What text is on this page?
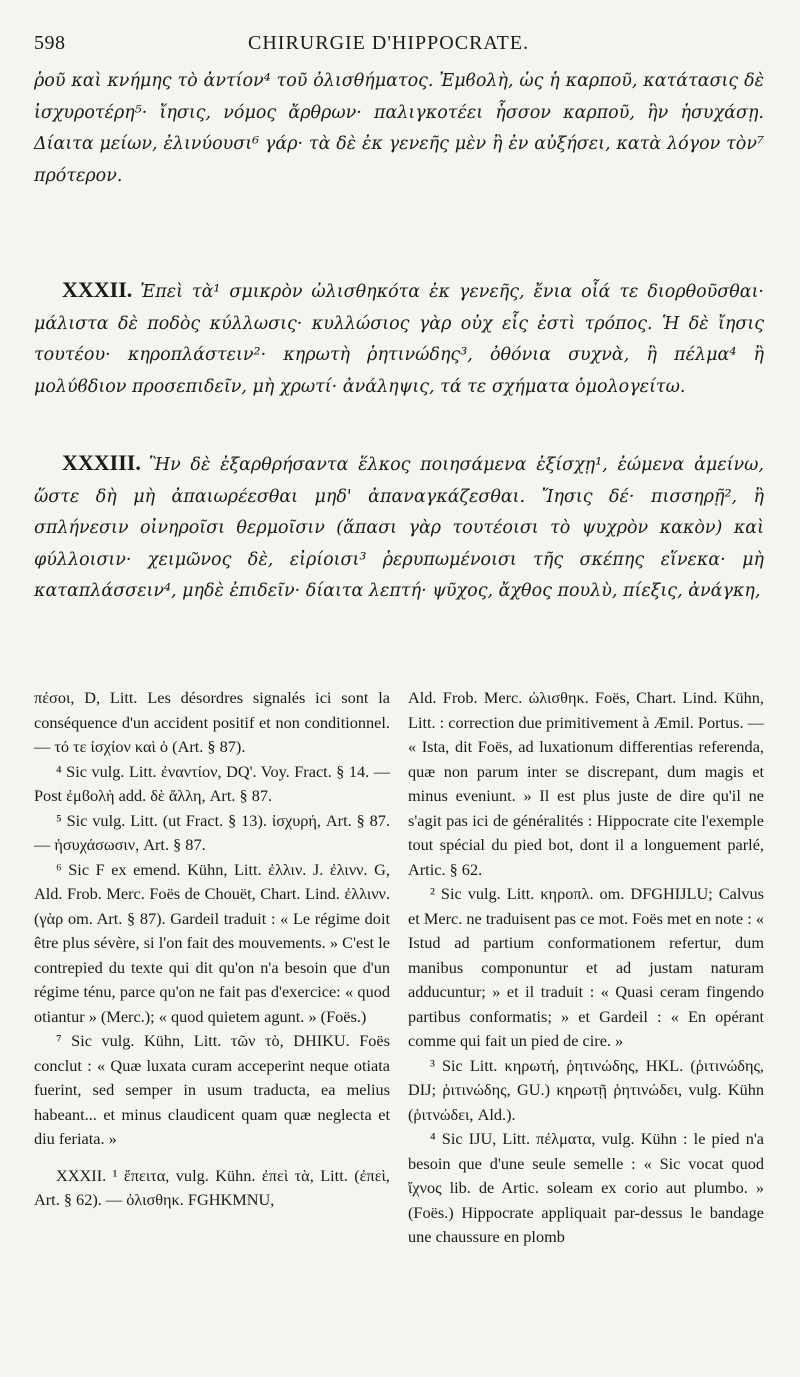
598	CHIRURGIE D'HIPPOCRATE.

ῥοῦ καὶ κνήμης τὸ ἀντίον⁴ τοῦ ὀλισθήματος. Ἐμϐολὴ, ὡς ἡ καρποῦ, κατάτασις δὲ ἰσχυροτέρη⁵· ἴησις, νόμος ἄρθρων· παλιγκοτέει ἧσσον καρποῦ, ἣν ἡσυχάσῃ. Δίαιτα μείων, ἐλινύουσι⁶ γάρ· τὰ δὲ ἐκ γενεῆς μὲν ἢ ἐν αὐξήσει, κατὰ λόγον τὸν⁷ πρότερον.

XXXII. Ἐπεὶ τὰ¹ σμικρὸν ὠλισθηκότα ἐκ γενεῆς, ἔνια οἷά τε διορθοῦσθαι· μάλιστα δὲ ποδὸς κύλλωσις· κυλλώσιος γὰρ οὐχ εἷς ἐστὶ τρόπος. Ἡ δὲ ἴησις τουτέου· κηροπλάστειν²· κηρωτὴ ῥητινώδης³, ὀθόνια συχνὰ, ἢ πέλμα⁴ ἢ μολύϐδιον προσεπιδεῖν, μὴ χρωτί· ἀνάληψις, τά τε σχήματα ὁμολογείτω.

XXXIII. Ἢν δὲ ἐξαρθρήσαντα ἕλκος ποιησάμενα ἐξίσχῃ¹, ἐώμενα ἀμείνω, ὥστε δὴ μὴ ἀπαιωρέεσθαι μηδ' ἀπαναγκάζεσθαι. Ἴησις δέ· πισσηρῇ², ἢ σπλήνεσιν οἰνηροῖσι θερμοῖσιν (ἅπασι γὰρ τουτέοισι τὸ ψυχρὸν κακὸν) καὶ φύλλοισιν· χειμῶνος δὲ, εἰρίοισι³ ῥερυπωμένοισι τῆς σκέπης εἵνεκα· μὴ καταπλάσσειν⁴, μηδὲ ἐπιδεῖν· δίαιτα λεπτή· ψῦχος, ἄχθος πουλὺ, πίεξις, ἀνάγκη,

πέσοι, D, Litt. Les désordres signalés ici sont la conséquence d'un accident positif et non conditionnel. — τό τε ἰσχίον καὶ ὁ (Art. § 87).

⁴ Sic vulg. Litt. ἐναντίον, DQ'. Voy. Fract. § 14. — Post ἐμϐολὴ add. δὲ ἄλλη, Art. § 87.

⁵ Sic vulg. Litt. (ut Fract. § 13). ἰσχυρή, Art. § 87. — ἡσυχάσωσιν, Art. § 87.

⁶ Sic F ex emend. Kühn, Litt. ἐλλιν. J. ἐλινν. G, Ald. Frob. Merc. Foës de Chouët, Chart. Lind. ἐλλινν. (γὰρ om. Art. § 87). Gardeil traduit : « Le régime doit être plus sévère, si l'on fait des mouvements. » C'est le contrepied du texte qui dit qu'on n'a besoin que d'un régime ténu, parce qu'on ne fait pas d'exercice: « quod otiantur » (Merc.); « quod quietem agunt. » (Foës.)

⁷ Sic vulg. Kühn, Litt. τῶν τὸ, DHIKU. Foës conclut : « Quæ luxata curam acceperint neque otiata fuerint, sed semper in usum traducta, ea melius habeant... et minus claudicent quam quæ neglecta et diu feriata. »

XXXII. ¹ ἔπειτα, vulg. Kühn. ἐπεὶ τὰ, Litt. (ἐπεὶ, Art. § 62). — ὀλισθηκ. FGHKMNU,

Ald. Frob. Merc. ὠλισθηκ. Foës, Chart. Lind. Kühn, Litt. : correction due primitivement à Æmil. Portus. — « Ista, dit Foës, ad luxationum differentias referenda, quæ non parum inter se discrepant, dum magis et minus eveniunt. » Il est plus juste de dire qu'il ne s'agit pas ici de généralités : Hippocrate cite l'exemple tout spécial du pied bot, dont il a longuement parlé, Artic. § 62.

² Sic vulg. Litt. κηροπλ. om. DFGHIJLU; Calvus et Merc. ne traduisent pas ce mot. Foës met en note : « Istud ad partium conformationem refertur, dum manibus componuntur et ad justam naturam adducuntur; » et il traduit : « Quasi ceram fingendo partibus conformatis; » et Gardeil : « En opérant comme qui fait un pied de cire. »

³ Sic Litt. κηρωτή, ῥητινώδης, HKL. (ῥιτινώδης, DIJ; ῥιτινώδης, GU.) κηρωτῇ ῥητινώδει, vulg. Kühn (ῥιτνώδει, Ald.).

⁴ Sic IJU, Litt. πέλματα, vulg. Kühn : le pied n'a besoin que d'une seule semelle : « Sic vocat quod ἴχνος lib. de Artic. soleam ex corio aut plumbo. » (Foës.) Hippocrate appliquait par-dessus le bandage une chaussure en plomb
